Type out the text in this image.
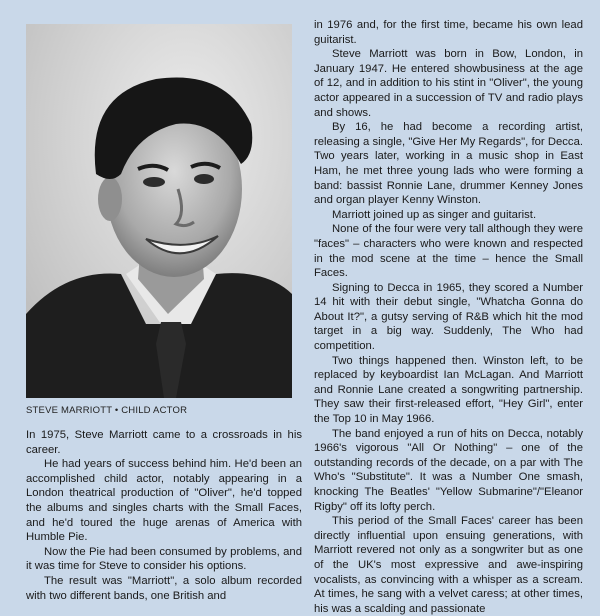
STEVE MARRIOTT • CHILD ACTOR

In 1975, Steve Marriott came to a crossroads in his career.

He had years of success behind him. He'd been an accomplished child actor, notably appearing in a London theatrical production of "Oliver", he'd topped the albums and singles charts with the Small Faces, and he'd toured the huge arenas of America with Humble Pie.

Now the Pie had been consumed by problems, and it was time for Steve to consider his options.

The result was "Marriott", a solo album recorded with two different bands, one British and

in 1976 and, for the first time, became his own lead guitarist.

Steve Marriott was born in Bow, London, in January 1947. He entered showbusiness at the age of 12, and in addition to his stint in "Oliver", the young actor appeared in a succession of TV and radio plays and shows.

By 16, he had become a recording artist, releasing a single, "Give Her My Regards", for Decca. Two years later, working in a music shop in East Ham, he met three young lads who were forming a band: bassist Ronnie Lane, drummer Kenney Jones and organ player Kenny Winston.

Marriott joined up as singer and guitarist.

None of the four were very tall although they were "faces" – characters who were known and respected in the mod scene at the time – hence the Small Faces.

Signing to Decca in 1965, they scored a Number 14 hit with their debut single, "Whatcha Gonna do About It?", a gutsy serving of R&B which hit the mod target in a big way. Suddenly, The Who had competition.

Two things happened then. Winston left, to be replaced by keyboardist Ian McLagan. And Marriott and Ronnie Lane created a songwriting partnership. They saw their first-released effort, "Hey Girl", enter the Top 10 in May 1966.

The band enjoyed a run of hits on Decca, notably 1966's vigorous "All Or Nothing" – one of the outstanding records of the decade, on a par with The Who's "Substitute". It was a Number One smash, knocking The Beatles' "Yellow Submarine"/"Eleanor Rigby" off its lofty perch.

This period of the Small Faces' career has been directly influential upon ensuing generations, with Marriott revered not only as a songwriter but as one of the UK's most expressive and awe-inspiring vocalists, as convincing with a whisper as a scream. At times, he sang with a velvet caress; at other times, his was a scalding and passionate
